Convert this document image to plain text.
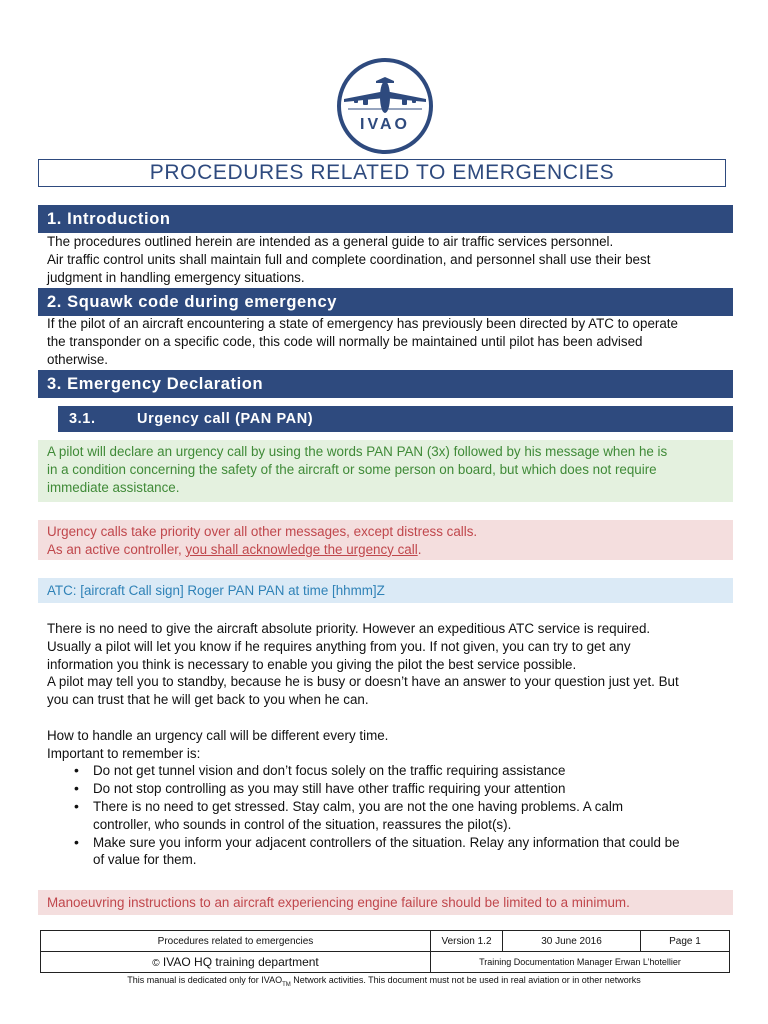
IVAO
PROCEDURES RELATED TO EMERGENCIES
1. Introduction
The procedures outlined herein are intended as a general guide to air traffic services personnel.
Air traffic control units shall maintain full and complete coordination, and personnel shall use their best
judgment in handling emergency situations.
2. Squawk code during emergency
If the pilot of an aircraft encountering a state of emergency has previously been directed by ATC to operate
the transponder on a specific code, this code will normally be maintained until pilot has been advised
otherwise.
3. Emergency Declaration
3.1.	Urgency call (PAN PAN)
A pilot will declare an urgency call by using the words PAN PAN (3x) followed by his message when he is
in a condition concerning the safety of the aircraft or some person on board, but which does not require
immediate assistance.
Urgency calls take priority over all other messages, except distress calls.
As an active controller, you shall acknowledge the urgency call.
ATC: [aircraft Call sign] Roger PAN PAN at time [hhmm]Z
There is no need to give the aircraft absolute priority. However an expeditious ATC service is required.
Usually a pilot will let you know if he requires anything from you. If not given, you can try to get any
information you think is necessary to enable you giving the pilot the best service possible.
A pilot may tell you to standby, because he is busy or doesn’t have an answer to your question just yet. But
you can trust that he will get back to you when he can.
How to handle an urgency call will be different every time.
Important to remember is:
• Do not get tunnel vision and don’t focus solely on the traffic requiring assistance
• Do not stop controlling as you may still have other traffic requiring your attention
• There is no need to get stressed. Stay calm, you are not the one having problems. A calm
controller, who sounds in control of the situation, reassures the pilot(s).
• Make sure you inform your adjacent controllers of the situation. Relay any information that could be
of value for them.
Manoeuvring instructions to an aircraft experiencing engine failure should be limited to a minimum.
Procedures related to emergencies	Version 1.2	30 June 2016	Page 1
© IVAO HQ training department	Training Documentation Manager Erwan L’hotellier		
This manual is dedicated only for $IVAO_{TM}$ Network activities. This document must not be used in real aviation or in other networks
